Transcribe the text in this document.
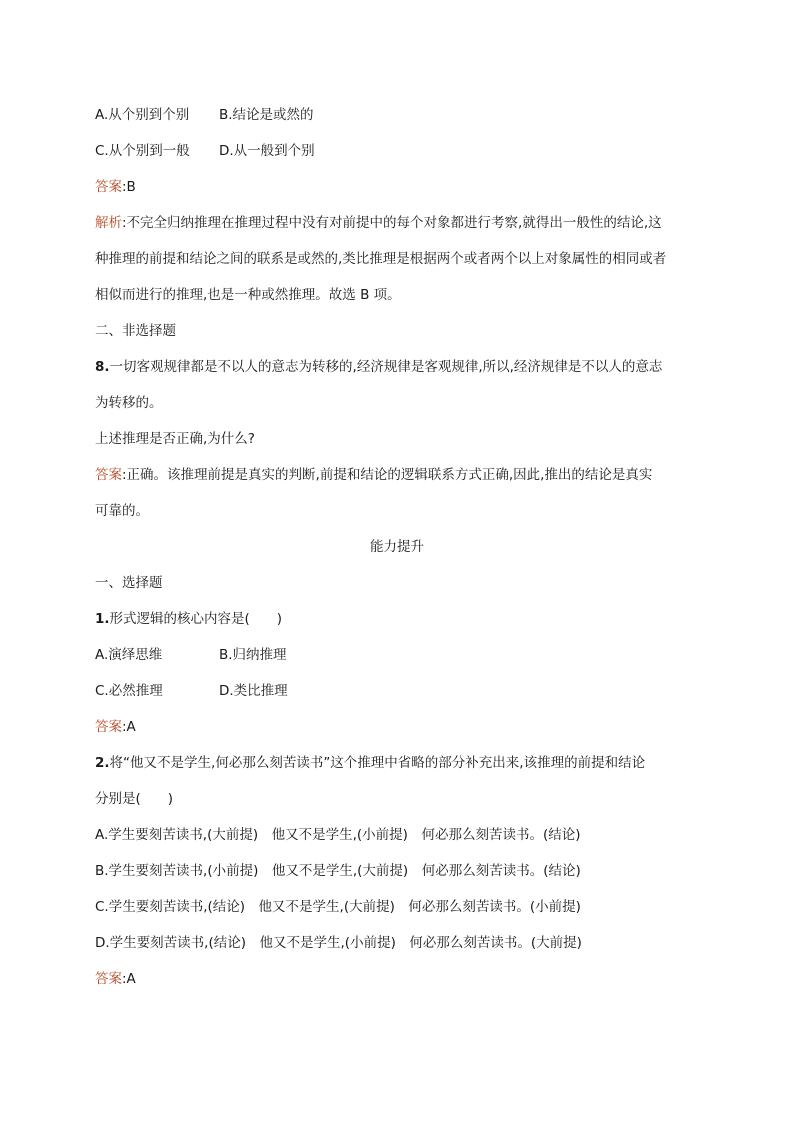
A.从个别到个别 B.结论是或然的
C.从个别到一般 D.从一般到个别
答案:B
解析:不完全归纳推理在推理过程中没有对前提中的每个对象都进行考察,就得出一般性的结论,这
种推理的前提和结论之间的联系是或然的,类比推理是根据两个或者两个以上对象属性的相同或者
相似而进行的推理,也是一种或然推理。故选 B 项。
二、非选择题
8.一切客观规律都是不以人的意志为转移的,经济规律是客观规律,所以,经济规律是不以人的意志
为转移的。
上述推理是否正确,为什么?
答案:正确。该推理前提是真实的判断,前提和结论的逻辑联系方式正确,因此,推出的结论是真实
可靠的。
能力提升
一、选择题
1.形式逻辑的核心内容是(　　)
A.演绎思维	B.归纳推理
C.必然推理	D.类比推理
答案:A
2.将“他又不是学生,何必那么刻苦读书”这个推理中省略的部分补充出来,该推理的前提和结论
分别是(　　)
A.学生要刻苦读书,(大前提)　他又不是学生,(小前提)　何必那么刻苦读书。(结论)
B.学生要刻苦读书,(小前提)　他又不是学生,(大前提)　何必那么刻苦读书。(结论)
C.学生要刻苦读书,(结论)　他又不是学生,(大前提)　何必那么刻苦读书。(小前提)
D.学生要刻苦读书,(结论)　他又不是学生,(小前提)　何必那么刻苦读书。(大前提)
答案:A
